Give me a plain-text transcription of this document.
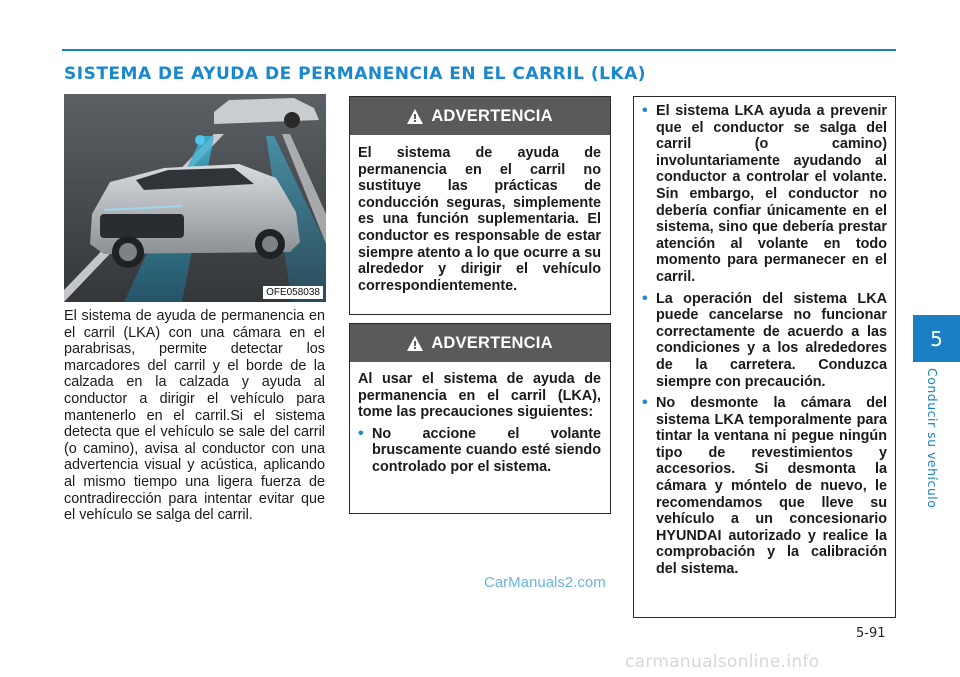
SISTEMA DE AYUDA DE PERMANENCIA EN EL CARRIL (LKA)
OFE058038

El sistema de ayuda de permanencia en el carril (LKA) con una cámara en el parabrisas, permite detectar los marcadores del carril y el borde de la calzada en la calzada y ayuda al conductor a dirigir el vehículo para mantenerlo en el carril.Si el sistema detecta que el vehículo se sale del carril (o camino), avisa al conductor con una advertencia visual y acústica, aplicando al mismo tiempo una ligera fuerza de contradirección para intentar evitar que el vehículo se salga del carril.

ADVERTENCIA
El sistema de ayuda de permanencia en el carril no sustituye las prácticas de conducción seguras, simplemente es una función suplementaria. El conductor es responsable de estar siempre atento a lo que ocurre a su alrededor y dirigir el vehículo correspondientemente.
ADVERTENCIA

Al usar el sistema de ayuda de permanencia en el carril (LKA), tome las precauciones siguientes:

• No accione el volante bruscamente cuando esté siendo controlado por el sistema.
• El sistema LKA ayuda a prevenir que el conductor se salga del carril (o camino) involuntariamente ayudando al conductor a controlar el volante. Sin embargo, el conductor no debería confiar únicamente en el sistema, sino que debería prestar atención al volante en todo momento para permanecer en el carril.
• La operación del sistema LKA puede cancelarse no funcionar correctamente de acuerdo a las condiciones y a los alrededores de la carretera. Conduzca siempre con precaución.
• No desmonte la cámara del sistema LKA temporalmente para tintar la ventana ni pegue ningún tipo de revestimientos y accesorios. Si desmonta la cámara y móntelo de nuevo, le recomendamos que lleve su vehículo a un concesionario HYUNDAI autorizado y realice la comprobación y la calibración del sistema.
CarManuals2.com
5
Conducir su vehículo
5-91
carmanualsonline.info
